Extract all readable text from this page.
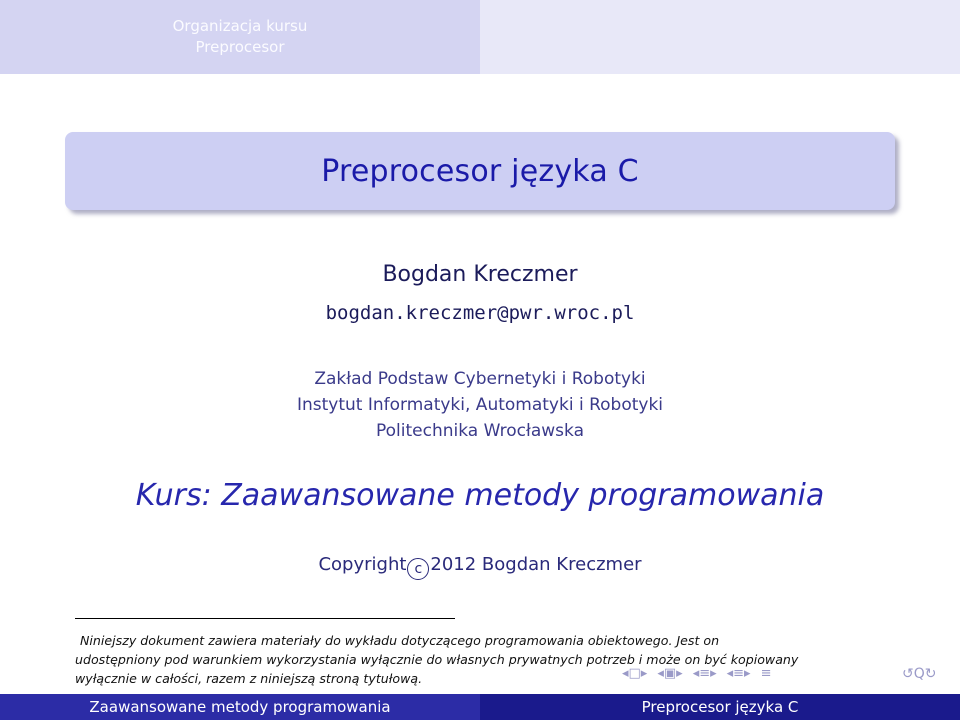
Organizacja kursu
Preprocesor
Preprocesor języka C
Bogdan Kreczmer
bogdan.kreczmer@pwr.wroc.pl
Zakład Podstaw Cybernetyki i Robotyki
Instytut Informatyki, Automatyki i Robotyki
Politechnika Wrocławska
Kurs: Zaawansowane metody programowania
Copyright c 2012 Bogdan Kreczmer
Niniejszy dokument zawiera materiały do wykładu dotyczącego programowania obiektowego. Jest on
udostępniony pod warunkiem wykorzystania wyłącznie do własnych prywatnych potrzeb i może on być kopiowany
wyłącznie w całości, razem z niniejszą stroną tytułową.	◂□▸ ◂▣▸ ◂≡▸ ◂≡▸ ≡	↺Q↻
Zaawansowane metody programowania	Preprocesor języka C
